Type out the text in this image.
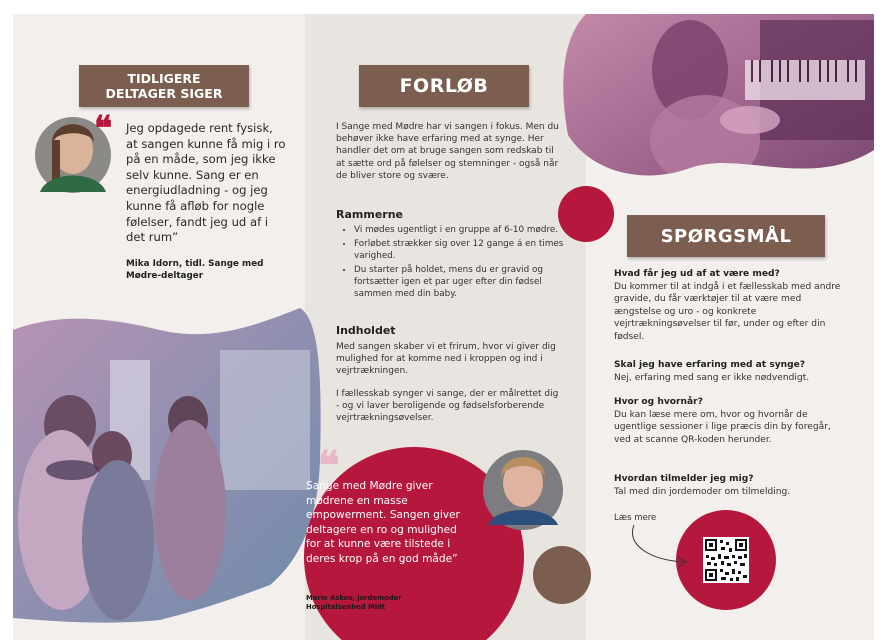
TIDLIGERE
DELTAGER SIGER
❝ Jeg opdagede rent fysisk, at sangen kunne få mig i ro på en måde, som jeg ikke selv kunne. Sang er en energiudladning - og jeg kunne få afløb for nogle følelser, fandt jeg ud af i det rum”
Mika Idorn, tidl. Sange med
Mødre-deltager
FORLØB
I Sange med Mødre har vi sangen i fokus. Men du behøver ikke have erfaring med at synge. Her handler det om at bruge sangen som redskab til at sætte ord på følelser og stemninger - også når de bliver store og svære.
Rammerne
• Vi mødes ugentligt i en gruppe af 6-10 mødre.
• Forløbet strækker sig over 12 gange á en times varighed.
• Du starter på holdet, mens du er gravid og fortsætter igen et par uger efter din fødsel sammen med din baby.
Indholdet
Med sangen skaber vi et frirum, hvor vi giver dig mulighed for at komme ned i kroppen og ind i vejrtrækningen.
I fællesskab synger vi sange, der er målrettet dig - og vi laver beroligende og fødselsforberende vejrtrækningsøvelser.
❝
Sange med Mødre giver mødrene en masse empowerment. Sangen giver deltagere en ro og mulighed for at kunne være tilstede i deres krop på en god måde”
Marie Askov, jordemoder
Hospitalsenhed Midt
SPØRGSMÅL
Hvad får jeg ud af at være med?
Du kommer til at indgå i et fællesskab med andre gravide, du får værktøjer til at være med ængstelse og uro - og konkrete vejrtrækningsøvelser til før, under og efter din fødsel.
Skal jeg have erfaring med at synge?
Nej, erfaring med sang er ikke nødvendigt.
Hvor og hvornår?
Du kan læse mere om, hvor og hvornår de ugentlige sessioner i lige præcis din by foregår, ved at scanne QR-koden herunder.
Hvordan tilmelder jeg mig?
Tal med din jordemoder om tilmelding.
Læs mere
